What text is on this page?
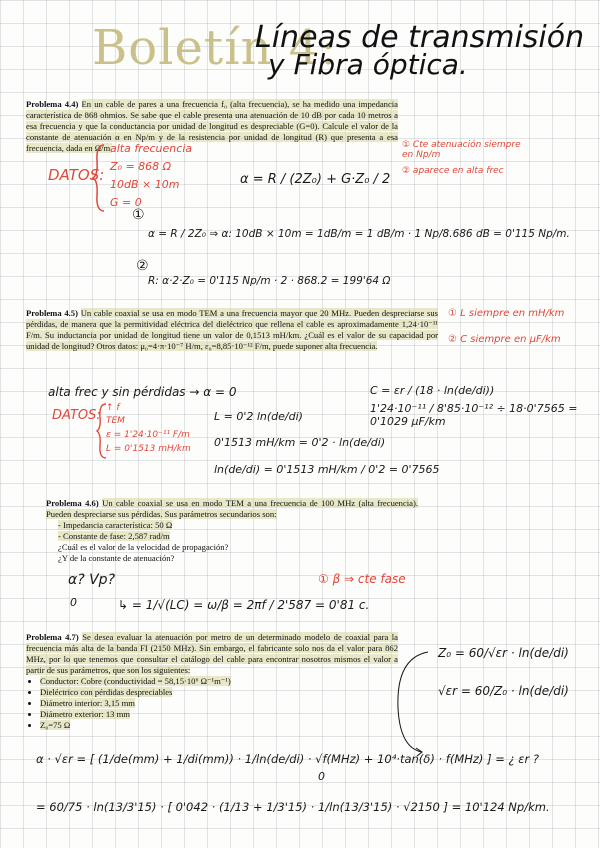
Boletín 4:
Líneas de transmisión
y Fibra óptica.
Problema 4.4) En un cable de pares a una frecuencia f₀ (alta frecuencia), se ha medido una impedancia característica de 868 ohmios. Se sabe que el cable presenta una atenuación de 10 dB por cada 10 metros a esa frecuencia y que la conductancia por unidad de longitud es despreciable (G=0). Calcule el valor de la constante de atenuación α en Np/m y de la resistencia por unidad de longitud (R) que presenta a esa frecuencia, dada en Ω/m.	① Cte atenuación siempre en Np/m
② aparece en alta frec
DATOS:
alta frecuencia
Z₀ = 868 Ω
10dB × 10m
G = 0
α = R / (2Z₀) + G·Z₀ / 2
①
α = R / 2Z₀ ⇒ α: 10dB × 10m = 1dB/m = 1 dB/m · 1 Np/8.686 dB = 0'115 Np/m.
②
R: α·2·Z₀ = 0'115 Np/m · 2 · 868.2 = 199'64 Ω
Problema 4.5) Un cable coaxial se usa en modo TEM a una frecuencia mayor que 20 MHz. Pueden despreciarse sus pérdidas, de manera que la permitividad eléctrica del dieléctrico que rellena el cable es aproximadamente 1,24·10⁻¹¹ F/m. Su inductancia por unidad de longitud tiene un valor de 0,1513 mH/km. ¿Cuál es el valor de su capacidad por unidad de longitud? Otros datos: μ₀=4·π·10⁻⁷ H/m, ε₀=8,85·10⁻¹² F/m, puede suponer alta frecuencia.
① L siempre en mH/km
② C siempre en μF/km
alta frec y sin pérdidas → α = 0
DATOS: ↑ f
TEM
ε = 1'24·10⁻¹¹ F/m
L = 0'1513 mH/km
L = 0'2 ln(de/di)
0'1513 mH/km = 0'2 · ln(de/di)
ln(de/di) = 0'1513 mH/km / 0'2 = 0'7565
C = εr / (18 · ln(de/di))
1'24·10⁻¹¹ / 8'85·10⁻¹² ÷ 18·0'7565 = 0'1029 μF/km
Problema 4.6) Un cable coaxial se usa en modo TEM a una frecuencia de 100 MHz (alta frecuencia). Pueden despreciarse sus pérdidas. Sus parámetros secundarios son:
- Impedancia característica: 50 Ω
- Constante de fase: 2,587 rad/m
¿Cuál es el valor de la velocidad de propagación?
¿Y de la constante de atenuación?
① β ⇒ cte fase
α? Vp?
0	↳ = 1/√(LC) = ω/β = 2πf / 2'587 = 0'81 c.
Problema 4.7) Se desea evaluar la atenuación por metro de un determinado modelo de coaxial para la frecuencia más alta de la banda FI (2150 MHz). Sin embargo, el fabricante solo nos da el valor para 862 MHz, por lo que tenemos que consultar el catálogo del cable para encontrar nosotros mismos el valor a partir de sus parámetros, que son los siguientes:
• Conductor: Cobre (conductividad = 58,15·10⁶ Ω⁻¹m⁻¹)
• Dieléctrico con pérdidas despreciables
• Diámetro interior: 3,15 mm
• Diámetro exterior: 13 mm
• Z₀=75 Ω
Z₀ = 60/√εr · ln(de/di)
√εr = 60/Z₀ · ln(de/di)
α · √εr = [ (1/de(mm) + 1/di(mm)) · 1/ln(de/di) · √f(MHz) + 10⁴·tan(δ) · f(MHz) ] = ¿ εr ?
0
= 60/75 · ln(13/3'15) · [ 0'042 · (1/13 + 1/3'15) · 1/ln(13/3'15) · √2150 ] = 10'124 Np/km.
